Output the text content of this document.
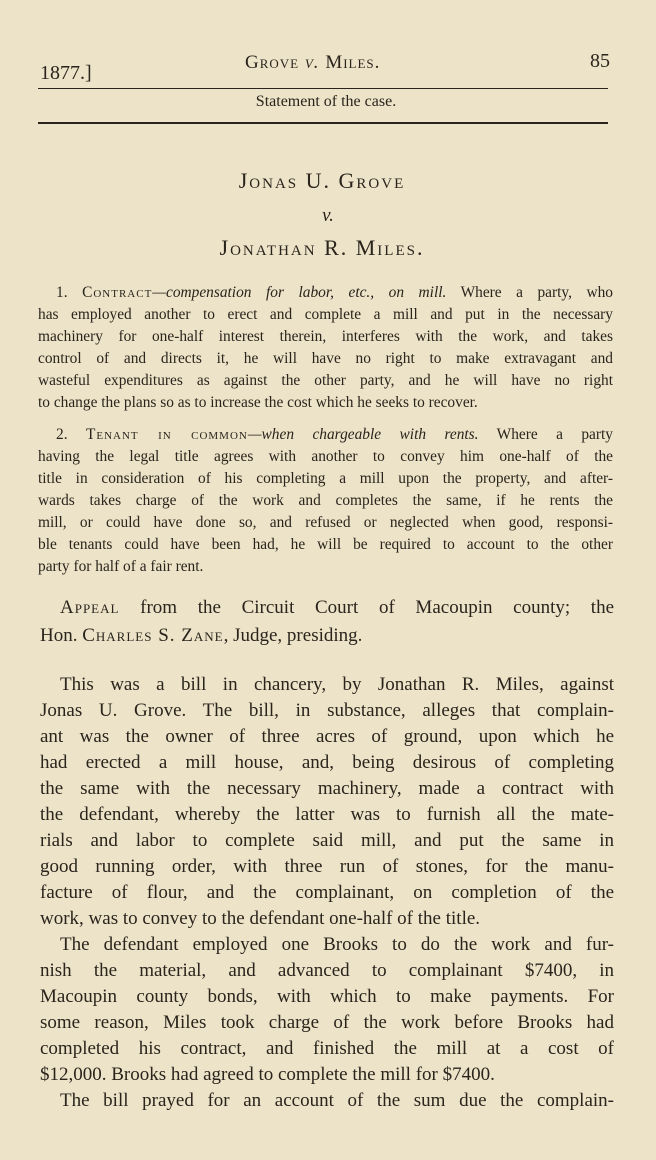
1877.]	Grove v. Miles.	85
Statement of the case.
Jonas U. Grove
v.
Jonathan R. Miles.
1. Contract—compensation for labor, etc., on mill. Where a party, who
has employed another to erect and complete a mill and put in the necessary
machinery for one-half interest therein, interferes with the work, and takes
control of and directs it, he will have no right to make extravagant and
wasteful expenditures as against the other party, and he will have no right
to change the plans so as to increase the cost which he seeks to recover.
2. Tenant in common—when chargeable with rents. Where a party
having the legal title agrees with another to convey him one-half of the
title in consideration of his completing a mill upon the property, and after-
wards takes charge of the work and completes the same, if he rents the
mill, or could have done so, and refused or neglected when good, responsi-
ble tenants could have been had, he will be required to account to the other
party for half of a fair rent.
Appeal from the Circuit Court of Macoupin county; the
Hon. Charles S. Zane, Judge, presiding.

This was a bill in chancery, by Jonathan R. Miles, against
Jonas U. Grove. The bill, in substance, alleges that complain-
ant was the owner of three acres of ground, upon which he
had erected a mill house, and, being desirous of completing
the same with the necessary machinery, made a contract with
the defendant, whereby the latter was to furnish all the mate-
rials and labor to complete said mill, and put the same in
good running order, with three run of stones, for the manu-
facture of flour, and the complainant, on completion of the
work, was to convey to the defendant one-half of the title.

The defendant employed one Brooks to do the work and fur-
nish the material, and advanced to complainant $7400, in
Macoupin county bonds, with which to make payments. For
some reason, Miles took charge of the work before Brooks had
completed his contract, and finished the mill at a cost of
$12,000. Brooks had agreed to complete the mill for $7400.

The bill prayed for an account of the sum due the complain-
